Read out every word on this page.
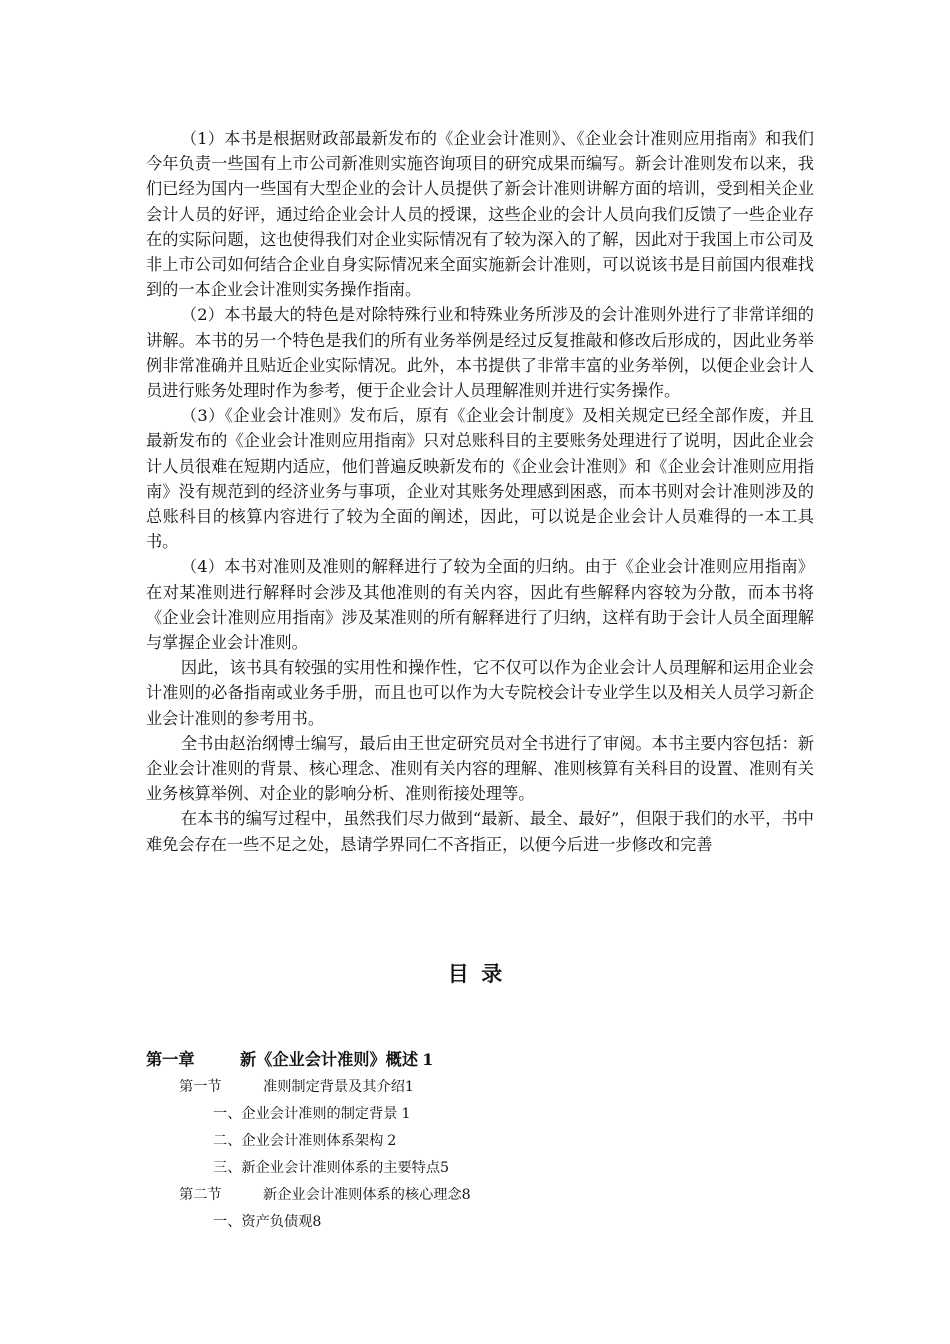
（1）本书是根据财政部最新发布的《企业会计准则》、《企业会计准则应用指南》和我们今年负责一些国有上市公司新准则实施咨询项目的研究成果而编写。新会计准则发布以来，我们已经为国内一些国有大型企业的会计人员提供了新会计准则讲解方面的培训，受到相关企业会计人员的好评，通过给企业会计人员的授课，这些企业的会计人员向我们反馈了一些企业存在的实际问题，这也使得我们对企业实际情况有了较为深入的了解，因此对于我国上市公司及非上市公司如何结合企业自身实际情况来全面实施新会计准则，可以说该书是目前国内很难找到的一本企业会计准则实务操作指南。

（2）本书最大的特色是对除特殊行业和特殊业务所涉及的会计准则外进行了非常详细的讲解。本书的另一个特色是我们的所有业务举例是经过反复推敲和修改后形成的，因此业务举例非常准确并且贴近企业实际情况。此外，本书提供了非常丰富的业务举例，以便企业会计人员进行账务处理时作为参考，便于企业会计人员理解准则并进行实务操作。

（3）《企业会计准则》发布后，原有《企业会计制度》及相关规定已经全部作废，并且最新发布的《企业会计准则应用指南》只对总账科目的主要账务处理进行了说明，因此企业会计人员很难在短期内适应，他们普遍反映新发布的《企业会计准则》和《企业会计准则应用指南》没有规范到的经济业务与事项，企业对其账务处理感到困惑，而本书则对会计准则涉及的总账科目的核算内容进行了较为全面的阐述，因此，可以说是企业会计人员难得的一本工具书。

（4）本书对准则及准则的解释进行了较为全面的归纳。由于《企业会计准则应用指南》在对某准则进行解释时会涉及其他准则的有关内容，因此有些解释内容较为分散，而本书将《企业会计准则应用指南》涉及某准则的所有解释进行了归纳，这样有助于会计人员全面理解与掌握企业会计准则。

因此，该书具有较强的实用性和操作性，它不仅可以作为企业会计人员理解和运用企业会计准则的必备指南或业务手册，而且也可以作为大专院校会计专业学生以及相关人员学习新企业会计准则的参考用书。

全书由赵治纲博士编写，最后由王世定研究员对全书进行了审阅。本书主要内容包括：新企业会计准则的背景、核心理念、准则有关内容的理解、准则核算有关科目的设置、准则有关业务核算举例、对企业的影响分析、准则衔接处理等。

在本书的编写过程中，虽然我们尽力做到“最新、最全、最好”，但限于我们的水平，书中难免会存在一些不足之处，恳请学界同仁不吝指正，以便今后进一步修改和完善

目录
第一章	新《企业会计准则》概述 1
第一节	准则制定背景及其介绍1
一、企业会计准则的制定背景 1
二、企业会计准则体系架构 2
三、新企业会计准则体系的主要特点5
第二节	新企业会计准则体系的核心理念8
一、资产负债观8
